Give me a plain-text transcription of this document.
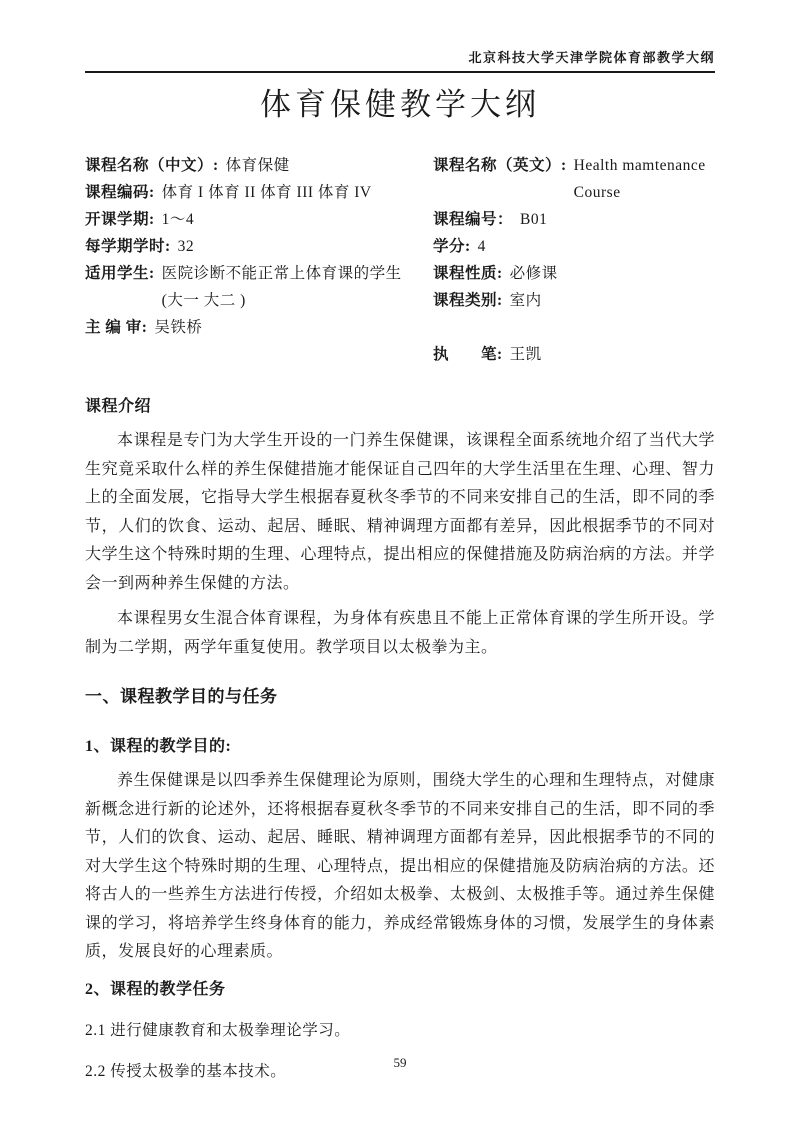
北京科技大学天津学院体育部教学大纲
体育保健教学大纲
课程名称（中文）: 体育保健
课程编码: 体育 I 体育 II 体育 III 体育 IV
开课学期: 1～4
每学期学时: 32
适用学生: 医院诊断不能正常上体育课的学生
(大一 大二 )
主 编 审: 吴铁桥
课程名称（英文）: Health mamtenance Course
课程编号： B01
学分: 4
课程性质: 必修课
课程类别: 室内
执　　笔: 王凯
课程介绍

本课程是专门为大学生开设的一门养生保健课，该课程全面系统地介绍了当代大学生究竟采取什么样的养生保健措施才能保证自己四年的大学生活里在生理、心理、智力上的全面发展，它指导大学生根据春夏秋冬季节的不同来安排自己的生活，即不同的季节，人们的饮食、运动、起居、睡眠、精神调理方面都有差异，因此根据季节的不同对大学生这个特殊时期的生理、心理特点，提出相应的保健措施及防病治病的方法。并学会一到两种养生保健的方法。

本课程男女生混合体育课程，为身体有疾患且不能上正常体育课的学生所开设。学制为二学期，两学年重复使用。教学项目以太极拳为主。

一、课程教学目的与任务
1、课程的教学目的:

养生保健课是以四季养生保健理论为原则，围绕大学生的心理和生理特点，对健康新概念进行新的论述外，还将根据春夏秋冬季节的不同来安排自己的生活，即不同的季节，人们的饮食、运动、起居、睡眠、精神调理方面都有差异，因此根据季节的不同的对大学生这个特殊时期的生理、心理特点，提出相应的保健措施及防病治病的方法。还将古人的一些养生方法进行传授，介绍如太极拳、太极剑、太极推手等。通过养生保健课的学习，将培养学生终身体育的能力，养成经常锻炼身体的习惯，发展学生的身体素质，发展良好的心理素质。

2、课程的教学任务
2.1 进行健康教育和太极拳理论学习。
2.2 传授太极拳的基本技术。	59
